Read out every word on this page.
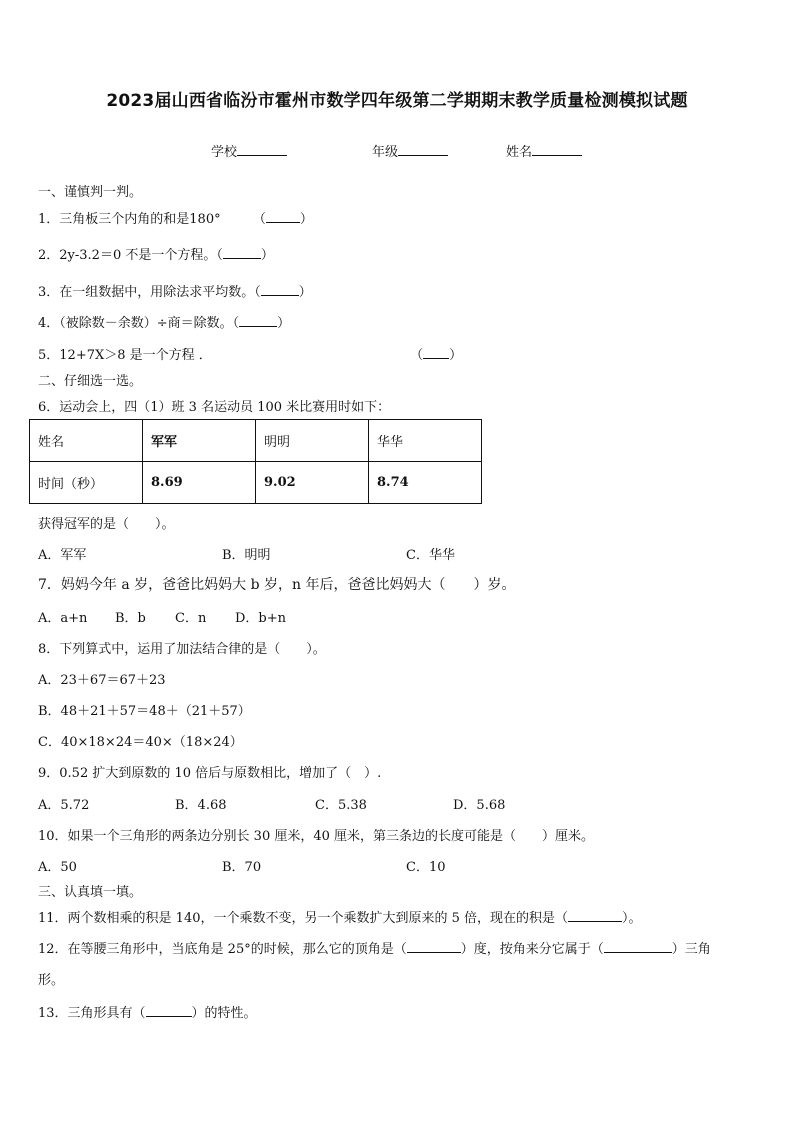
2023届山西省临汾市霍州市数学四年级第二学期期末教学质量检测模拟试题
学校	年级	姓名
一、谨慎判一判。
1．三角板三个内角的和是180° （	）
2．2y-3.2＝0 不是一个方程。（	）
3．在一组数据中，用除法求平均数。（	）
4．（被除数－余数）÷商＝除数。（	）
5．12+7X＞8 是一个方程 ．	（ ）
二、仔细选一选。
6．运动会上，四（1）班 3 名运动员 100 米比赛用时如下：
姓名	军军	明明	华华
时间（秒）	8.69	9.02	8.74
获得冠军的是（　　）。
A．军军	B．明明	C．华华
7．妈妈今年 a 岁，爸爸比妈妈大 b 岁，n 年后，爸爸比妈妈大（　　）岁。
A．a+n B．b C．n D．b+n
8．下列算式中，运用了加法结合律的是（　　）。
A．23＋67＝67＋23
B．48＋21＋57＝48＋（21＋57）
C．40×18×24＝40×（18×24）
9．0.52 扩大到原数的 10 倍后与原数相比，增加了（　）.
A．5.72	B．4.68	C．5.38	D．5.68
10．如果一个三角形的两条边分别长 30 厘米，40 厘米，第三条边的长度可能是（　　）厘米。
A．50	B．70	C．10
三、认真填一填。
11．两个数相乘的积是 140，一个乘数不变，另一个乘数扩大到原来的 5 倍，现在的积是（	）。
12．在等腰三角形中，当底角是 25°的时候，那么它的顶角是（	）度，按角来分它属于（	）三角
形。
13．三角形具有（	）的特性。
